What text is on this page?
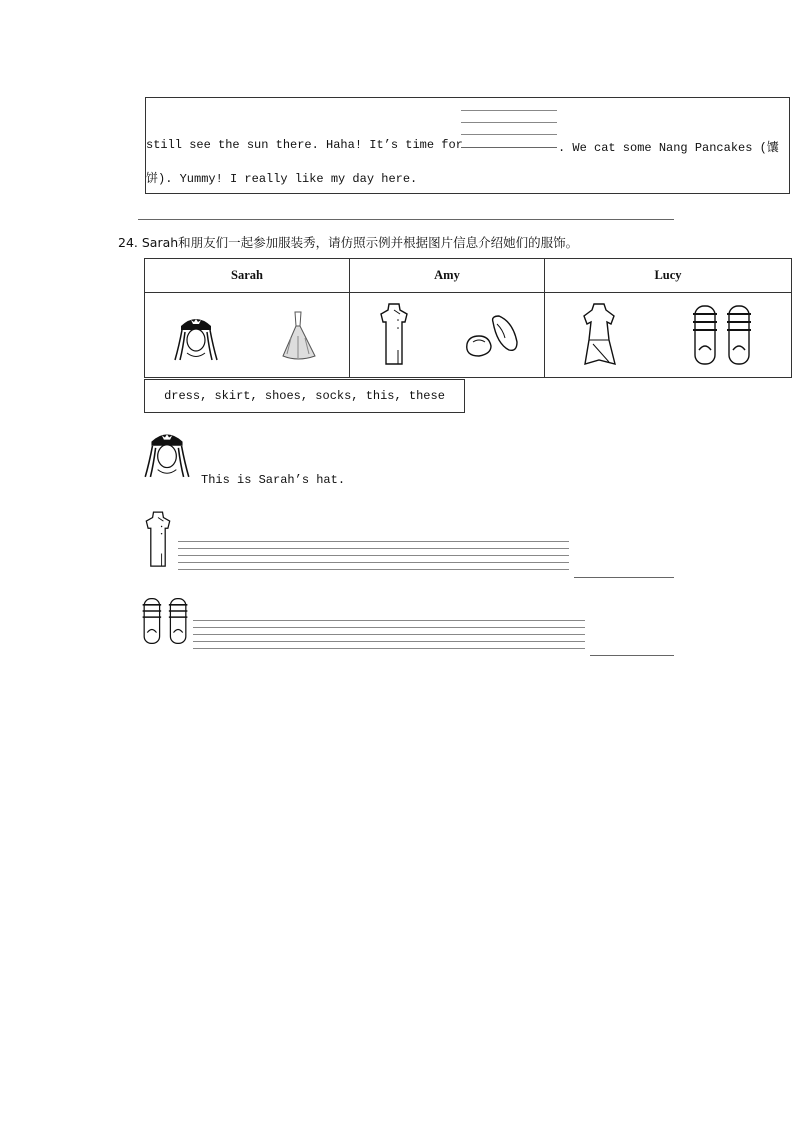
still see the sun there. Haha! It’s time for	. We cat some Nang Pancakes (馕
饼). Yummy! I really like my day here.
24. Sarah和朋友们一起参加服装秀，请仿照示例并根据图片信息介绍她们的服饰。
Sarah	Amy	Lucy

dress, skirt, shoes, socks, this, these
This is Sarah’s hat.
